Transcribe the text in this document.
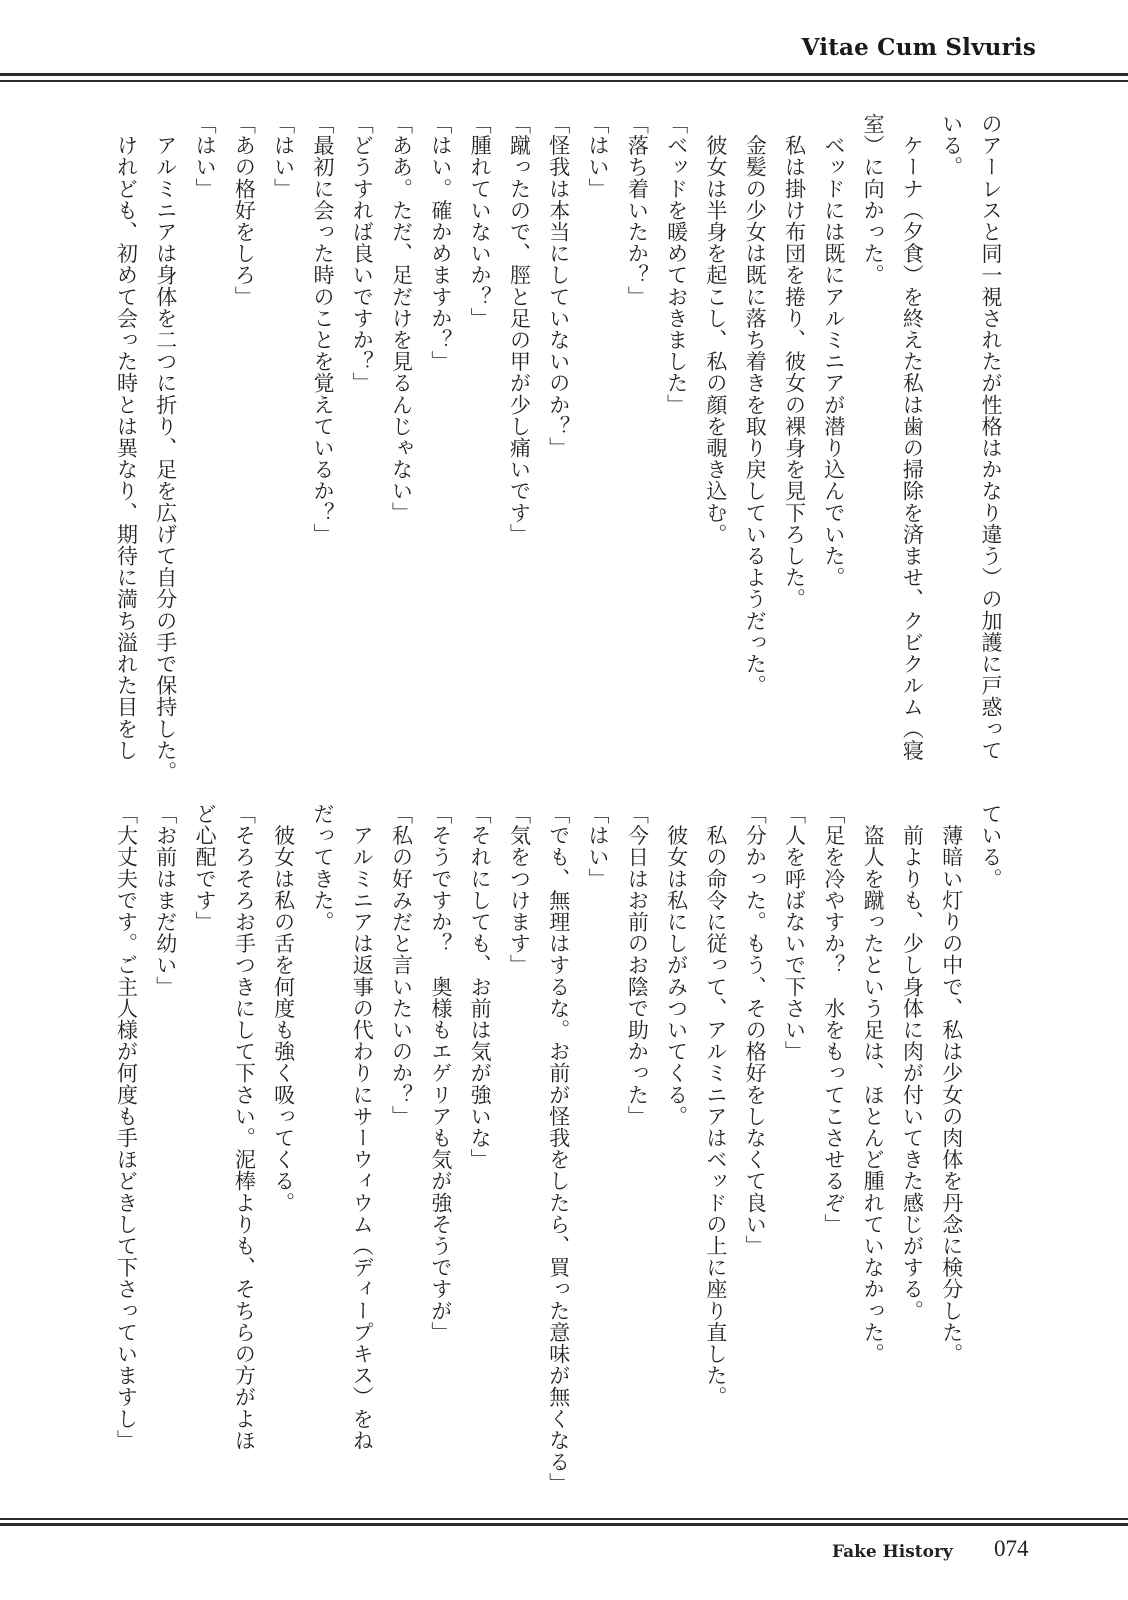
Vitae Cum Slvuris
のアーレスと同一視されたが性格はかなり違う）の加護に戸惑って
いる。
　ケーナ（夕食）を終えた私は歯の掃除を済ませ、クビクルム（寝
室）に向かった。
　ベッドには既にアルミニアが潜り込んでいた。
　私は掛け布団を捲り、彼女の裸身を見下ろした。
　金髪の少女は既に落ち着きを取り戻しているようだった。
　彼女は半身を起こし、私の顔を覗き込む。
「ベッドを暖めておきました」
「落ち着いたか？」
「はい」
「怪我は本当にしていないのか？」
「蹴ったので、脛と足の甲が少し痛いです」
「腫れていないか？」
「はい。確かめますか？」
「ああ。ただ、足だけを見るんじゃない」
「どうすれば良いですか？」
「最初に会った時のことを覚えているか？」
「はい」
「あの格好をしろ」
「はい」
　アルミニアは身体を二つに折り、足を広げて自分の手で保持した。
　けれども、初めて会った時とは異なり、期待に満ち溢れた目をし
ている。
　薄暗い灯りの中で、私は少女の肉体を丹念に検分した。
　前よりも、少し身体に肉が付いてきた感じがする。
　盗人を蹴ったという足は、ほとんど腫れていなかった。
「足を冷やすか？　水をもってこさせるぞ」
「人を呼ばないで下さい」
「分かった。もう、その格好をしなくて良い」
　私の命令に従って、アルミニアはベッドの上に座り直した。
　彼女は私にしがみついてくる。
「今日はお前のお陰で助かった」
「はい」
「でも、無理はするな。お前が怪我をしたら、買った意味が無くなる」
「気をつけます」
「それにしても、お前は気が強いな」
「そうですか？　奥様もエゲリアも気が強そうですが」
「私の好みだと言いたいのか？」
　アルミニアは返事の代わりにサーウィウム（ディープキス）をね
だってきた。
　彼女は私の舌を何度も強く吸ってくる。
「そろそろお手つきにして下さい。泥棒よりも、そちらの方がよほ
ど心配です」
「お前はまだ幼い」
「大丈夫です。ご主人様が何度も手ほどきして下さっていますし」
Fake History 074
